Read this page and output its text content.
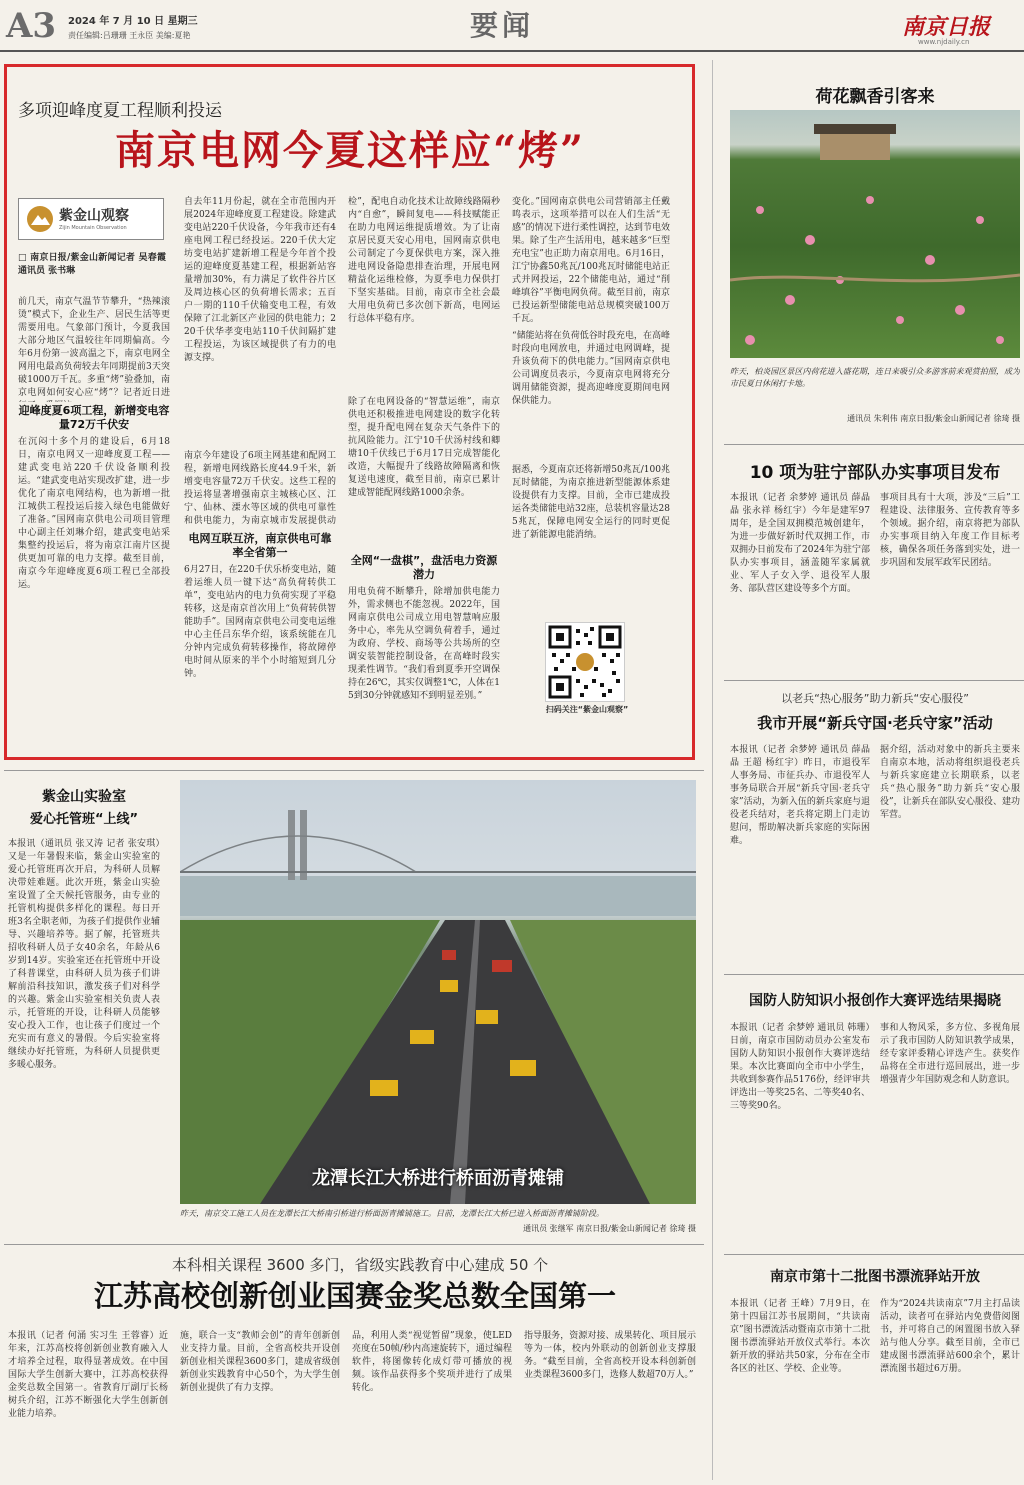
A3 2024 年 7 月 10 日 星期三
责任编辑:吕珊珊 王永臣 美编:夏艳	要闻	南京日报
www.njdaily.cn
多项迎峰度夏工程顺利投运
南京电网今夏这样应“烤”
紫金山观察
Zijin Mountain Observation
□ 南京日报/紫金山新闻记者 吴春霞 通讯员 张书琳
前几天，南京气温节节攀升，“热辣滚烫”模式下，企业生产、居民生活等更需要用电。气象部门预计，今夏我国大部分地区气温较往年同期偏高。今年6月份第一波高温之下，南京电网全网用电最高负荷较去年同期提前3天突破1000万千瓦。多重“烤”验叠加，南京电网如何安心应“烤”？记者近日进
迎峰度夏6项工程，新增变电容量72万千伏安
在沉闷十多个月的建设后，6月18日，南京电网又一迎峰度夏工程——建武变电站220千伏设备顺利投运。“建武变电站实现改扩建，进一步优化了南京电网结构，也为新增一批江城供工程投运后接入绿色电能做好了准备。”国网南京供电公司项目管理中心副主任刘琳介绍，建武变电站采集整约投运后，将为南京江南片区提供更加可靠的电力支撑。截至目前，南京今年迎峰度夏6项工程已全部投运。
自去年11月份起，就在全市范围内开展2024年迎峰度夏工程建设。除建武变电站220千伏设备，今年我市还有4座电网工程已经投运。220千伏大定坊变电站扩建新增工程是今年首个投运的迎峰度夏基建工程，根据新站容量增加30%，有力满足了软件谷片区及周边核心区的负荷增长需求；五百户一期的110千伏输变电工程，有效保障了江北新区产业园的供电能力；220千伏华孝变电站110千伏间隔扩建工程投运，为该区域提供了有力的电源支撑。
南京今年建设了6项主网基建和配网工程，新增电网线路长度44.9千米，新增变电容量72万千伏安。这些工程的投运将显著增强南京主城核心区、江宁、仙林、溧水等区域的供电可靠性和供电能力，为南京城市发展提供动
电网互联互济，南京供电可靠率全省第一
6月27日，在220千伏乐桥变电站，随着运维人员一键下达“高负荷转供工单”，变电站内的电力负荷实现了平稳转移，这是南京首次用上“负荷转供智能助手”。国网南京供电公司变电运维中心主任吕东华介绍，该系统能在几分钟内完成负荷转移操作，将故障停电时间从原来的半个小时缩短到几分钟。
检”，配电自动化技术让故障线路隔秒内“自愈”，瞬间复电——科技赋能正在助力电网运维提质增效。为了让南京居民夏天安心用电，国网南京供电公司制定了今夏保供电方案，深入推进电网设备隐患排查治理，开展电网精益化运维检修，为夏季电力保供打下坚实基础。目前，南京市全社会最大用电负荷已多次创下新高，电网运行总体平稳有序。
除了在电网设备的“智慧运维”，南京供电还积极推进电网建设的数字化转型，提升配电网在复杂天气条件下的抗风险能力。江宁10千伏汤村线和卿塘10千伏线已于6月17日完成智能化改造，大幅提升了线路故障隔离和恢复送电速度，截至目前，南京已累计建成智能配网线路1000余条。
全网“一盘棋”，盘活电力资源潜力
用电负荷不断攀升，除增加供电能力外，需求侧也不能忽视。2022年，国网南京供电公司成立用电智慧响应服务中心，率先从空调负荷着手，通过为政府、学校、商场等公共场所的空调安装智能控制设备，在高峰时段实现柔性调节。“我们看到夏季开空调保持在26℃，其实仅调整1℃，人体在15到30分钟就感知不到明显差别。”
变化。”国网南京供电公司营销部主任戴鸣表示，这项举措可以在人们生活“无感”的情况下进行柔性调控，达到节电效果。除了生产生活用电，越来越多“巨型充电宝”也正助力南京用电。6月16日，江宁协鑫50兆瓦/100兆瓦时储能电站正式并网投运，22个储能电站，通过“削峰填谷”平衡电网负荷。截至目前，南京已投运新型储能电站总规模突破100万千瓦。
“储能站将在负荷低谷时段充电，在高峰时段向电网放电，并通过电网调峰，提升该负荷下的供电能力。”国网南京供电公司调度员表示，今夏南京电网将充分调用储能资源，提高迎峰度夏期间电网保供能力。
据悉，今夏南京还将新增50兆瓦/100兆瓦时储能，为南京推进新型能源体系建设提供有力支撑。目前，全市已建成投运各类储能电站32座，总装机容量达285兆瓦，保障电网安全运行的同时更促进了新能源电能消纳。
扫码关注“紫金山观察”
荷花飘香引客来
昨天，柏炎园区景区内荷花进入盛花期，连日来吸引众多游客前来观赏拍照，成为市民夏日休闲打卡地。
通讯员 朱利伟 南京日报/紫金山新闻记者 徐琦 摄
10 项为驻宁部队办实事项目发布
本报讯（记者 余梦婷 通讯员 薛晶晶 张永祥 杨红宇）今年是建军97周年，是全国双拥模范城创建年，为进一步做好新时代双拥工作，市双拥办日前发布了2024年为驻宁部队办实事项目，涵盖随军家属就业、军人子女入学、退役军人服务、部队营区建设等多个方面。
事项目具有十大项，涉及“三后”工程建设、法律服务、宣传教育等多个领域。据介绍，南京将把为部队办实事项目纳入年度工作目标考核，确保各项任务落到实处，进一步巩固和发展军政军民团结。
以老兵“热心服务”助力新兵“安心服役”
我市开展“新兵守国·老兵守家”活动
本报讯（记者 余梦婷 通讯员 薛晶晶 王超 杨红宇）昨日，市退役军人事务局、市征兵办、市退役军人事务局联合开展“新兵守国·老兵守家”活动，为新入伍的新兵家庭与退役老兵结对，老兵将定期上门走访慰问，帮助解决新兵家庭的实际困难。
据介绍，活动对象中的新兵主要来自南京本地，活动将组织退役老兵与新兵家庭建立长期联系，以老兵“热心服务”助力新兵“安心服役”，让新兵在部队安心服役、建功军营。
国防人防知识小报创作大赛评选结果揭晓
本报讯（记者 余梦婷 通讯员 韩珊）日前，南京市国防动员办公室发布国防人防知识小报创作大赛评选结果。本次比赛面向全市中小学生，共收到参赛作品5176份，经评审共评选出一等奖25名、二等奖40名、三等奖90名。
事和人物风采，多方位、多视角展示了我市国防人防知识教学成果，经专家评委精心评选产生。获奖作品将在全市进行巡回展出，进一步增强青少年国防观念和人防意识。
南京市第十二批图书漂流驿站开放
本报讯（记者 王峰）7月9日，在第十四届江苏书展期间，“共读南京”图书漂流活动暨南京市第十二批图书漂流驿站开放仪式举行。本次新开放的驿站共50家，分布在全市各区的社区、学校、企业等。
作为“2024共读南京”7月主打品读活动，读者可在驿站内免费借阅图书，并可将自己的闲置图书放入驿站与他人分享。截至目前，全市已建成图书漂流驿站600余个，累计漂流图书超过6万册。
紫金山实验室
爱心托管班“上线”
本报讯（通讯员 张又涛 记者 张安琪）又是一年暑假来临，紫金山实验室的爱心托管班再次开启，为科研人员解决带娃难题。此次开班，紫金山实验室设置了全天候托管服务，由专业的托管机构提供多样化的课程。每日开班3名全职老师，为孩子们提供作业辅导、兴趣培养等。据了解，托管班共招收科研人员子女40余名，年龄从6岁到14岁。实验室还在托管班中开设了科普课堂，由科研人员为孩子们讲解前沿科技知识，激发孩子们对科学的兴趣。紫金山实验室相关负责人表示，托管班的开设，让科研人员能够安心投入工作，也让孩子们度过一个充实而有意义的暑假。今后实验室将继续办好托管班，为科研人员提供更多暖心服务。
龙潭长江大桥进行桥面沥青摊铺
昨天，南京交工施工人员在龙潭长江大桥南引桥进行桥面沥青摊铺施工。目前，龙潭长江大桥已进入桥面沥青摊铺阶段。
通讯员 张继军 南京日报/紫金山新闻记者 徐琦 摄
本科相关课程 3600 多门，省级实践教育中心建成 50 个
江苏高校创新创业国赛金奖总数全国第一
本报讯（记者 何涌 实习生 王蓉睿）近年来，江苏高校将创新创业教育融入人才培养全过程，取得显著成效。在中国国际大学生创新大赛中，江苏高校获得金奖总数全国第一。省教育厅副厅长杨树兵介绍，江苏不断强化大学生创新创业能力培养。
施，联合一支“教师会创”的青年创新创业支持力量。目前，全省高校共开设创新创业相关课程3600多门，建成省级创新创业实践教育中心50个，为大学生创新创业提供了有力支撑。
品，利用人类“视觉暂留”现象，使LED亮度在50帧/秒内高速旋转下，通过编程软件，将图像转化成灯带可播放的视频。该作品获得多个奖项并进行了成果转化。
指导服务，资源对接、成果转化、项目展示等为一体，校内外联动的创新创业支撑服务。“截至目前，全省高校开设本科创新创业类课程3600多门，选修人数超70万人。”
